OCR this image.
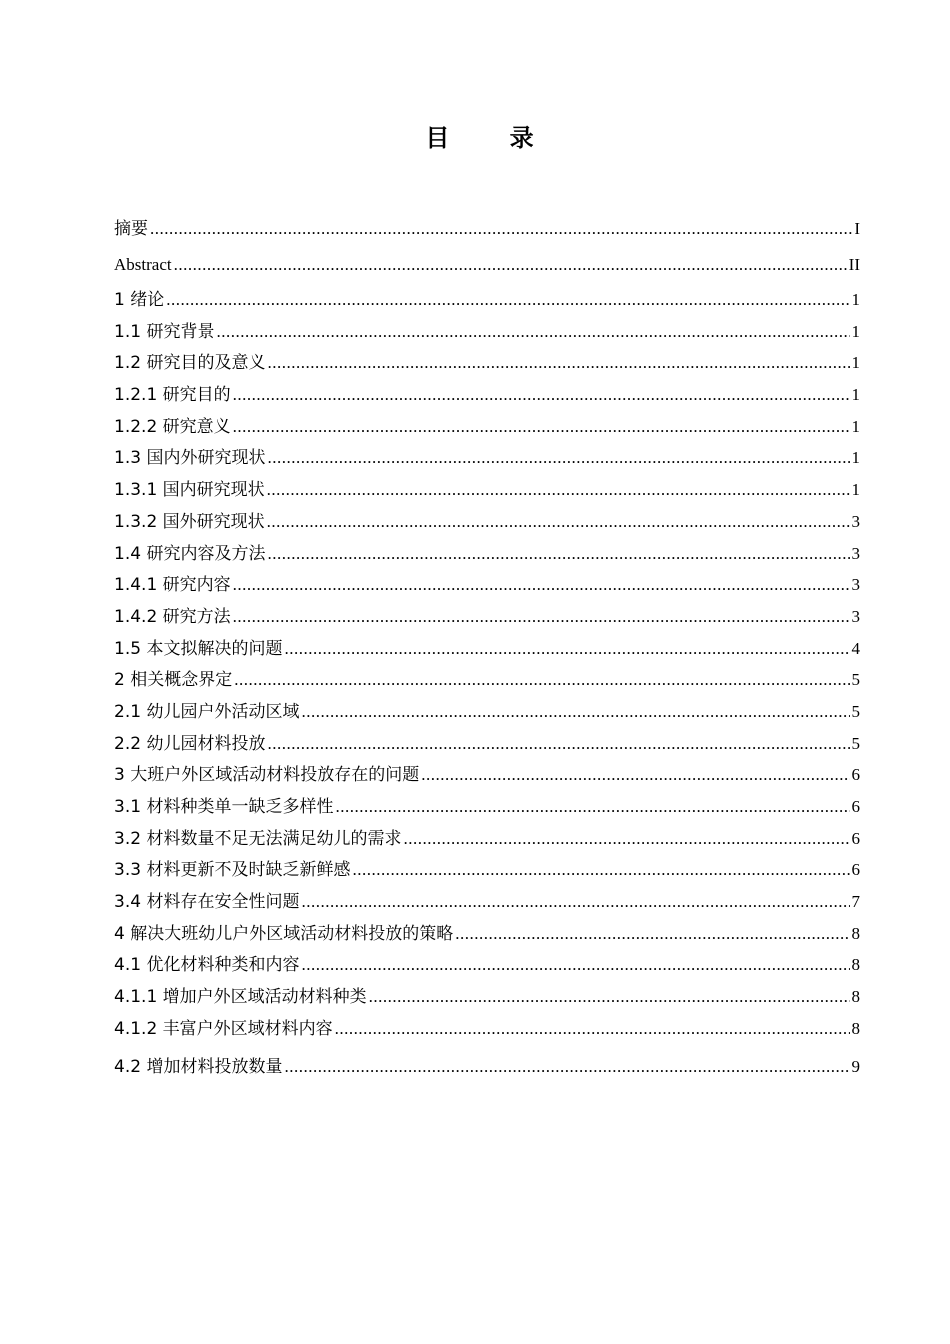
目 录
摘要 .....	I
Abstract .....	II
1 绪论 .....	1
1.1 研究背景 .....	1
1.2 研究目的及意义 .....	1
1.2.1 研究目的 .....	1
1.2.2 研究意义 .....	1
1.3 国内外研究现状 .....	1
1.3.1 国内研究现状 .....	1
1.3.2 国外研究现状 .....	3
1.4 研究内容及方法 .....	3
1.4.1 研究内容 .....	3
1.4.2 研究方法 .....	3
1.5 本文拟解决的问题 .....	4
2 相关概念界定 .....	5
2.1 幼儿园户外活动区域 .....	5
2.2 幼儿园材料投放 .....	5
3 大班户外区域活动材料投放存在的问题 .....	6
3.1 材料种类单一缺乏多样性 .....	6
3.2 材料数量不足无法满足幼儿的需求 .....	6
3.3 材料更新不及时缺乏新鲜感 .....	6
3.4 材料存在安全性问题 .....	7
4 解决大班幼儿户外区域活动材料投放的策略 .....	8
4.1 优化材料种类和内容 .....	8
4.1.1 增加户外区域活动材料种类 .....	8
4.1.2 丰富户外区域材料内容 .....	8
4.2 增加材料投放数量 .....	9
